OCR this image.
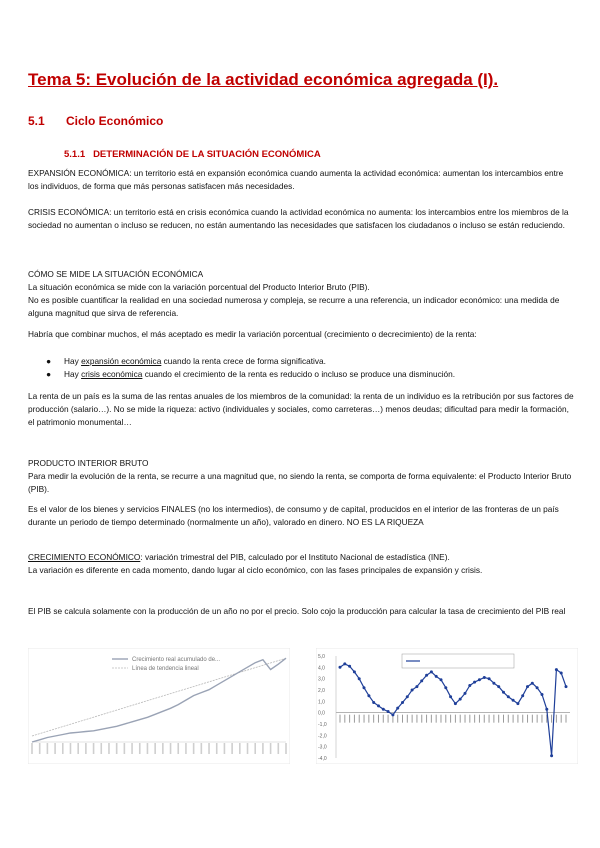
Tema 5: Evolución de la actividad económica agregada (I).
5.1 Ciclo Económico
5.1.1 DETERMINACIÓN DE LA SITUACIÓN ECONÓMICA

EXPANSIÓN ECONÓMICA: un territorio está en expansión económica cuando aumenta la actividad económica: aumentan los intercambios entre los individuos, de forma que más personas satisfacen más necesidades.

CRISIS ECONÓMICA: un territorio está en crisis económica cuando la actividad económica no aumenta: los intercambios entre los miembros de la sociedad no aumentan o incluso se reducen, no están aumentando las necesidades que satisfacen los ciudadanos o incluso se están reduciendo.

CÓMO SE MIDE LA SITUACIÓN ECONÓMICA

La situación económica se mide con la variación porcentual del Producto Interior Bruto (PIB).

No es posible cuantificar la realidad en una sociedad numerosa y compleja, se recurre a una referencia, un indicador económico: una medida de alguna magnitud que sirva de referencia.

Habría que combinar muchos, el más aceptado es medir la variación porcentual (crecimiento o decrecimiento) de la renta:

● Hay expansión económica cuando la renta crece de forma significativa.
● Hay crisis económica cuando el crecimiento de la renta es reducido o incluso se produce una disminución.

La renta de un país es la suma de las rentas anuales de los miembros de la comunidad: la renta de un individuo es la retribución por sus factores de producción (salario…). No se mide la riqueza: activo (individuales y sociales, como carreteras…) menos deudas; dificultad para medir la formación, el patrimonio monumental…

PRODUCTO INTERIOR BRUTO

Para medir la evolución de la renta, se recurre a una magnitud que, no siendo la renta, se comporta de forma equivalente: el Producto Interior Bruto (PIB).

Es el valor de los bienes y servicios FINALES (no los intermedios), de consumo y de capital, producidos en el interior de las fronteras de un país durante un periodo de tiempo determinado (normalmente un año), valorado en dinero. NO ES LA RIQUEZA

CRECIMIENTO ECONÓMICO: variación trimestral del PIB, calculado por el Instituto Nacional de estadística (INE).

La variación es diferente en cada momento, dando lugar al ciclo económico, con las fases principales de expansión y crisis.

El PIB se calcula solamente con la producción de un año no por el precio. Solo cojo la producción para calcular la tasa de crecimiento del PIB real

Crecimiento real acumulado de...
Línea de tendencia lineal
5,0
4,0
3,0
2,0
1,0
0,0
-1,0
-2,0
-3,0
-4,0
